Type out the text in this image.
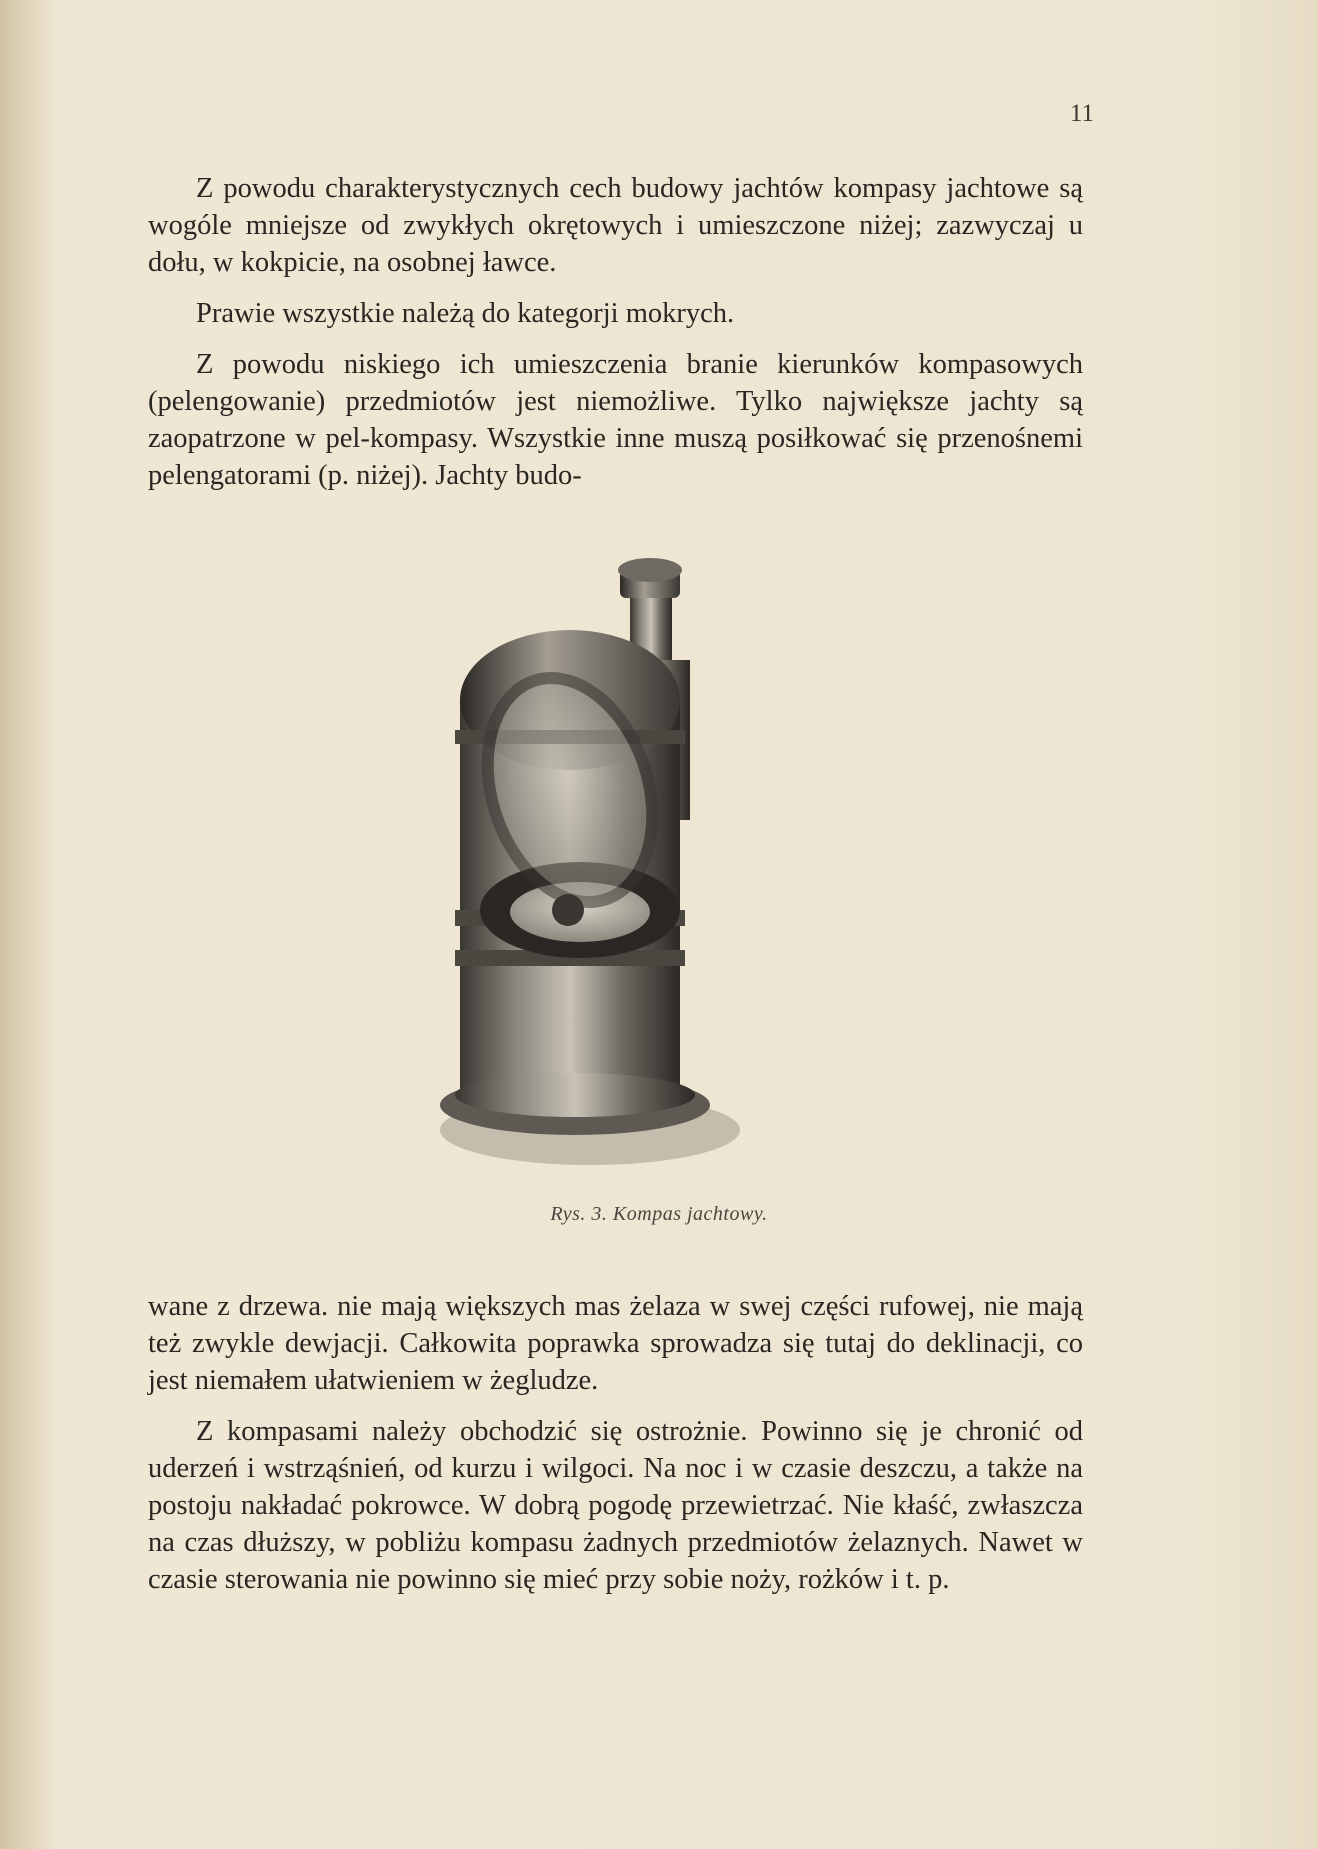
11

Z powodu charakterystycznych cech budowy jachtów kompasy jachtowe są wogóle mniejsze od zwykłych okrętowych i umieszczone niżej; zazwyczaj u dołu, w kokpicie, na osobnej ławce.

Prawie wszystkie należą do kategorji mokrych.

Z powodu niskiego ich umieszczenia branie kierunków kompasowych (pelengowanie) przedmiotów jest niemożliwe. Tylko największe jachty są zaopatrzone w pel-kompasy. Wszystkie inne muszą posiłkować się przenośnemi pelengatorami (p. niżej). Jachty budo-

Rys. 3. Kompas jachtowy.

wane z drzewa. nie mają większych mas żelaza w swej części rufowej, nie mają też zwykle dewjacji. Całkowita poprawka sprowadza się tutaj do deklinacji, co jest niemałem ułatwieniem w żegludze.

Z kompasami należy obchodzić się ostrożnie. Powinno się je chronić od uderzeń i wstrząśnień, od kurzu i wilgoci. Na noc i w czasie deszczu, a także na postoju nakładać pokrowce. W dobrą pogodę przewietrzać. Nie kłaść, zwłaszcza na czas dłuższy, w pobliżu kompasu żadnych przedmiotów żelaznych. Nawet w czasie sterowania nie powinno się mieć przy sobie noży, rożków i t. p.
